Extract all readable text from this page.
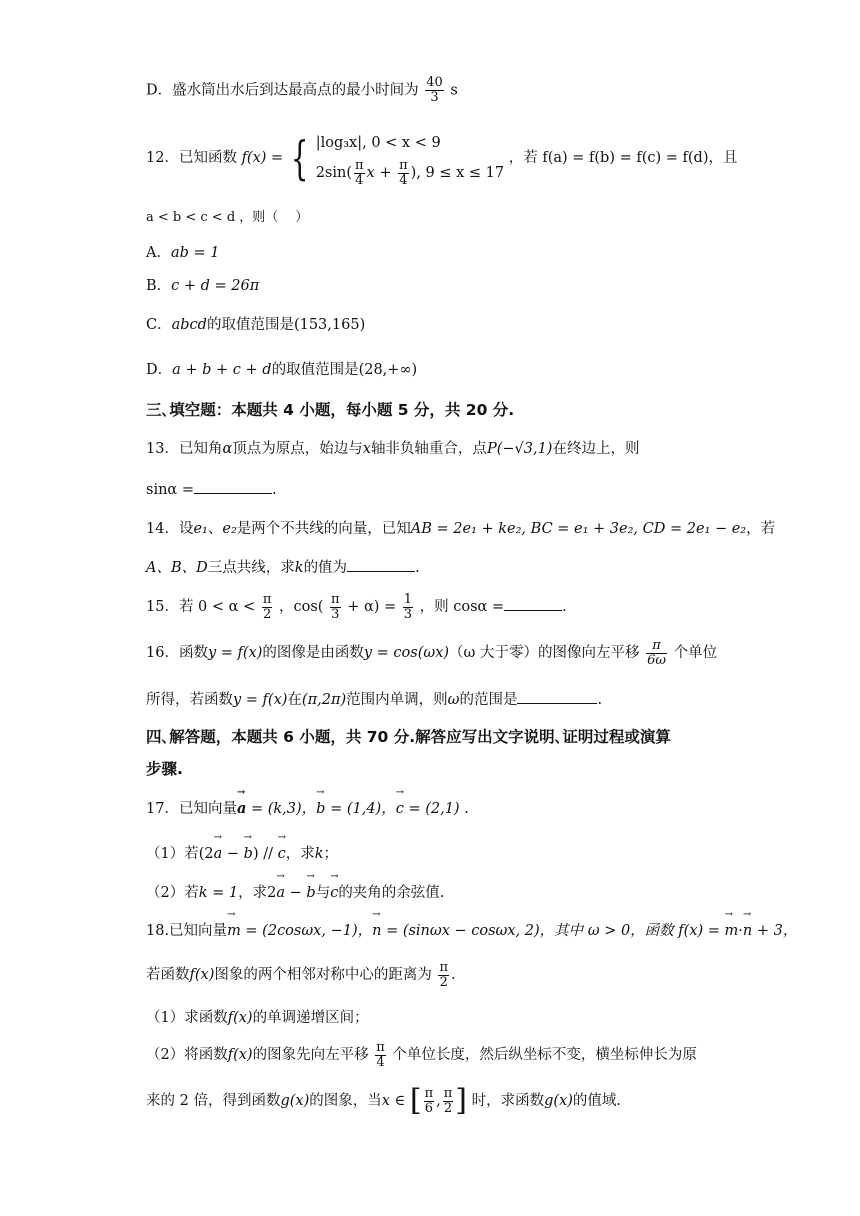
D．盛水筒出水后到达最高点的最小时间为 $\frac{40}{3}$ s
12．已知函数 f(x) = { |log₃x|, 0 < x < 9
$2\sin( \frac{\pi}{4}$ $x + \frac{\pi}{4}$ ), 9 ≤ x ≤ 17
，若 f(a) = f(b) = f(c) = f(d)，且
a < b < c < d ，则（　 ）
A．ab = 1
B．c + d = 26π
C．abcd的取值范围是(153,165)
D．a + b + c + d的取值范围是(28,+∞)
三､填空题：本题共 4 小题，每小题 5 分，共 20 分.
13．已知角α顶点为原点，始边与x轴非负轴重合，点P(−√3,1)在终边上，则
sinα =	.
14．设e₁、e₂是两个不共线的向量，已知AB = 2e₁ + ke₂, BC = e₁ + 3e₂, CD = 2e₁ − e₂，若
A、B、D三点共线，求k的值为	.
15．若 $0 < \alpha < \frac{\pi}{2}$ ，$\cos( \frac{\pi}{3} + \alpha) = \frac{1}{3}$ ，则 cosα =	.
16．函数y = f(x)的图像是由函数y = cos(ωx)（ω 大于零）的图像向左平移 $\frac{\pi}{6\omega}$ 个单位
所得，若函数y = f(x)在(π,2π)范围内单调，则ω的范围是	.
四､解答题，本题共 6 小题，共 70 分.解答应写出文字说明､证明过程或演算
步骤.
17．已知向量→ a = (k,3)，→ b = (1,4)，→ c = (2,1) .
（1）若(2→ a − → b) // → c，求k；
（2）若k = 1，求2→ a − → b与→ c的夹角的余弦值.
18.已知向量→ m = (2cosωx, −1)，→ n = (sinωx − cosωx, 2)，其中 ω > 0，函数 f(x) = → m·→ n + 3，
若函数f(x)图象的两个相邻对称中心的距离为 $\frac{\pi}{2}$ .
（1）求函数f(x)的单调递增区间；
（2）将函数f(x)的图象先向左平移 $\frac{\pi}{4}$ 个单位长度，然后纵坐标不变，横坐标伸长为原
来的 2 倍，得到函数g(x)的图象，当x ∈ [ $\frac{\pi}{6}$ , $\frac{\pi}{2}$ ] 时，求函数g(x)的值域.
